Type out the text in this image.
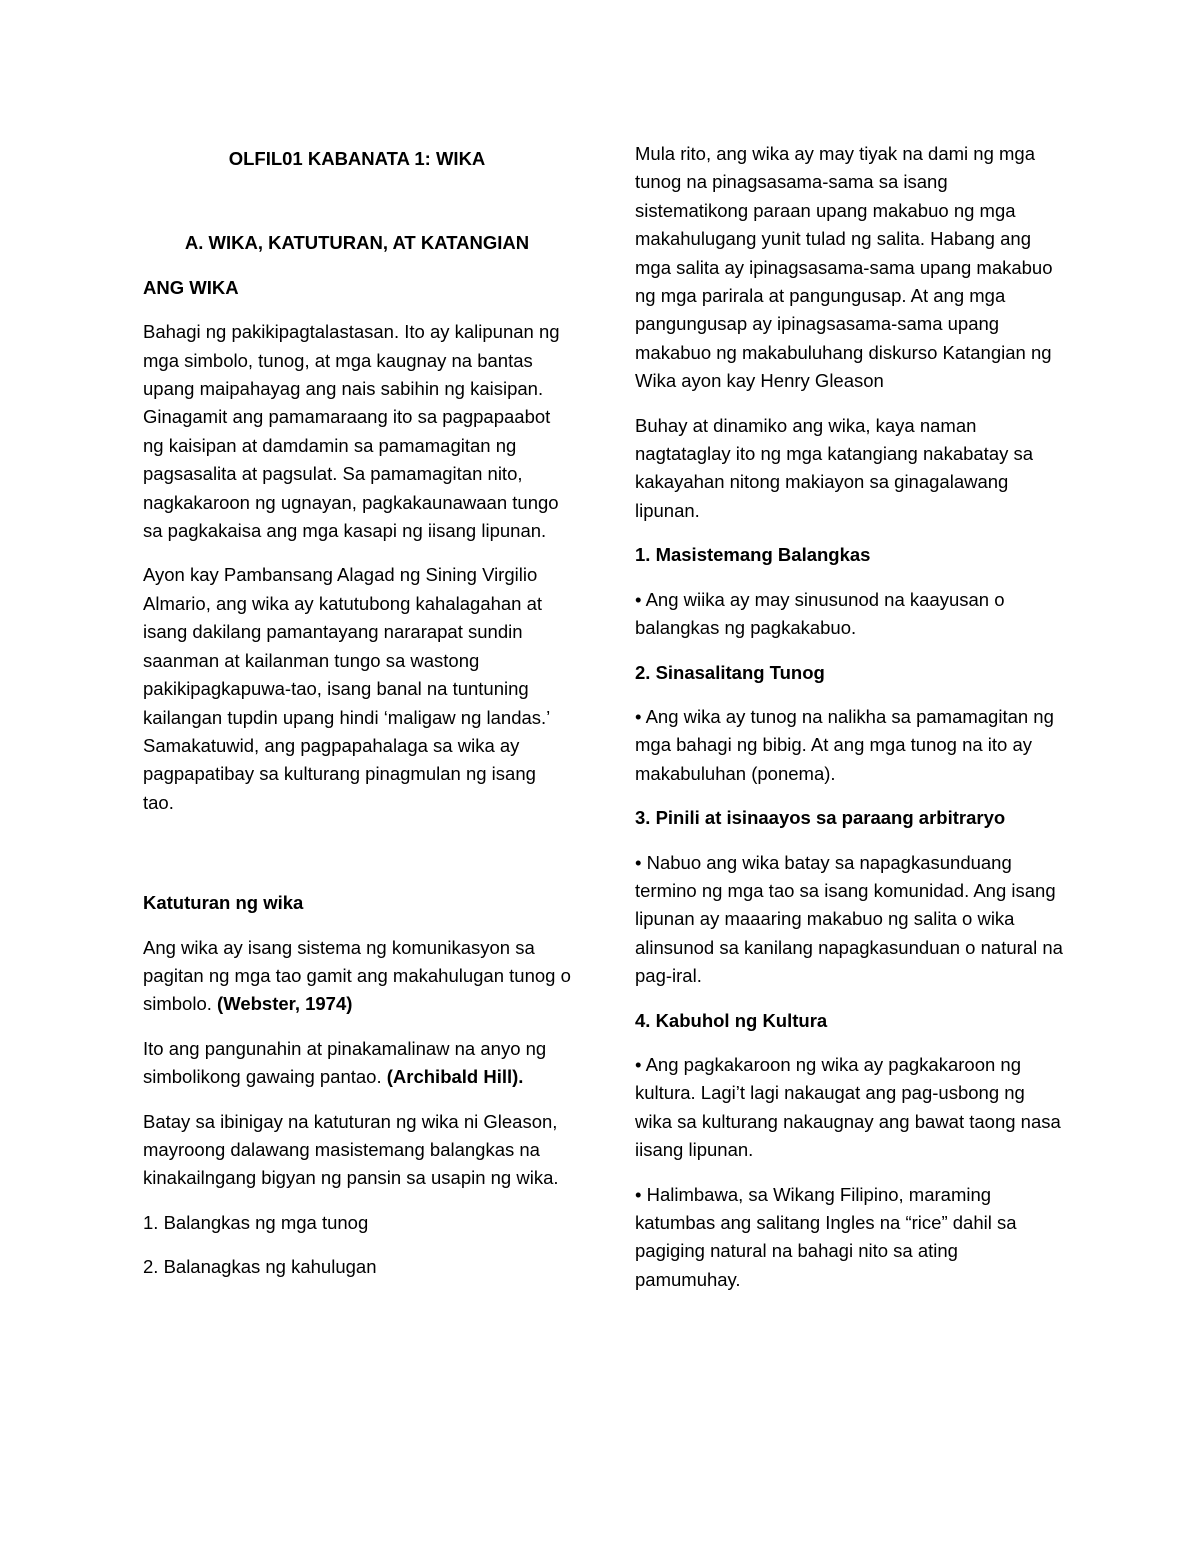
OLFIL01 KABANATA 1: WIKA

A. WIKA, KATUTURAN, AT KATANGIAN

ANG WIKA

Bahagi ng pakikipagtalastasan. Ito ay kalipunan ng mga simbolo, tunog, at mga kaugnay na bantas upang maipahayag ang nais sabihin ng kaisipan. Ginagamit ang pamamaraang ito sa pagpapaabot ng kaisipan at damdamin sa pamamagitan ng pagsasalita at pagsulat. Sa pamamagitan nito, nagkakaroon ng ugnayan, pagkakaunawaan tungo sa pagkakaisa ang mga kasapi ng iisang lipunan.

Ayon kay Pambansang Alagad ng Sining Virgilio Almario, ang wika ay katutubong kahalagahan at isang dakilang pamantayang nararapat sundin saanman at kailanman tungo sa wastong pakikipagkapuwa-tao, isang banal na tuntuning kailangan tupdin upang hindi ‘maligaw ng landas.’ Samakatuwid, ang pagpapahalaga sa wika ay pagpapatibay sa kulturang pinagmulan ng isang tao.

Katuturan ng wika

Ang wika ay isang sistema ng komunikasyon sa pagitan ng mga tao gamit ang makahulugan tunog o simbolo. (Webster, 1974)

Ito ang pangunahin at pinakamalinaw na anyo ng simbolikong gawaing pantao. (Archibald Hill).

Batay sa ibinigay na katuturan ng wika ni Gleason, mayroong dalawang masistemang balangkas na kinakailngang bigyan ng pansin sa usapin ng wika.

1. Balangkas ng mga tunog

2. Balanagkas ng kahulugan

Mula rito, ang wika ay may tiyak na dami ng mga tunog na pinagsasama-sama sa isang sistematikong paraan upang makabuo ng mga makahulugang yunit tulad ng salita. Habang ang mga salita ay ipinagsasama-sama upang makabuo ng mga parirala at pangungusap. At ang mga pangungusap ay ipinagsasama-sama upang makabuo ng makabuluhang diskurso Katangian ng Wika ayon kay Henry Gleason

Buhay at dinamiko ang wika, kaya naman nagtataglay ito ng mga katangiang nakabatay sa kakayahan nitong makiayon sa ginagalawang lipunan.

1. Masistemang Balangkas

• Ang wiika ay may sinusunod na kaayusan o balangkas ng pagkakabuo.

2. Sinasalitang Tunog

• Ang wika ay tunog na nalikha sa pamamagitan ng mga bahagi ng bibig. At ang mga tunog na ito ay makabuluhan (ponema).

3. Pinili at isinaayos sa paraang arbitraryo

• Nabuo ang wika batay sa napagkasunduang termino ng mga tao sa isang komunidad. Ang isang lipunan ay maaaring makabuo ng salita o wika alinsunod sa kanilang napagkasunduan o natural na pag-iral.

4. Kabuhol ng Kultura

• Ang pagkakaroon ng wika ay pagkakaroon ng kultura. Lagi’t lagi nakaugat ang pag-usbong ng wika sa kulturang nakaugnay ang bawat taong nasa iisang lipunan.

• Halimbawa, sa Wikang Filipino, maraming katumbas ang salitang Ingles na “rice” dahil sa pagiging natural na bahagi nito sa ating pamumuhay.
